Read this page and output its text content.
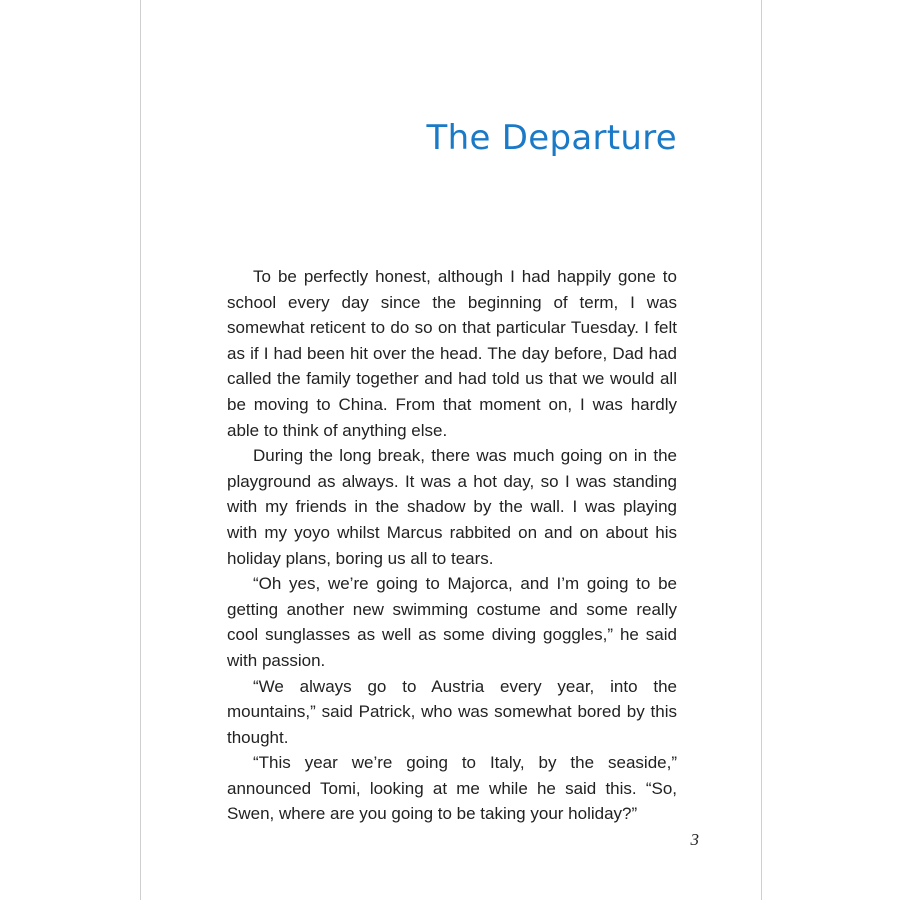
The Departure

To be perfectly honest, although I had happily gone to school every day since the beginning of term, I was somewhat reticent to do so on that particular Tuesday. I felt as if I had been hit over the head. The day before, Dad had called the family together and had told us that we would all be moving to China. From that moment on, I was hardly able to think of anything else.

During the long break, there was much going on in the playground as always. It was a hot day, so I was standing with my friends in the shadow by the wall. I was playing with my yoyo whilst Marcus rabbited on and on about his holiday plans, boring us all to tears.

“Oh yes, we’re going to Majorca, and I’m going to be getting another new swimming costume and some really cool sunglasses as well as some diving goggles,” he said with passion.

“We always go to Austria every year, into the mountains,” said Patrick, who was somewhat bored by this thought.

“This year we’re going to Italy, by the seaside,” announced Tomi, looking at me while he said this. “So, Swen, where are you going to be taking your holiday?”

3
